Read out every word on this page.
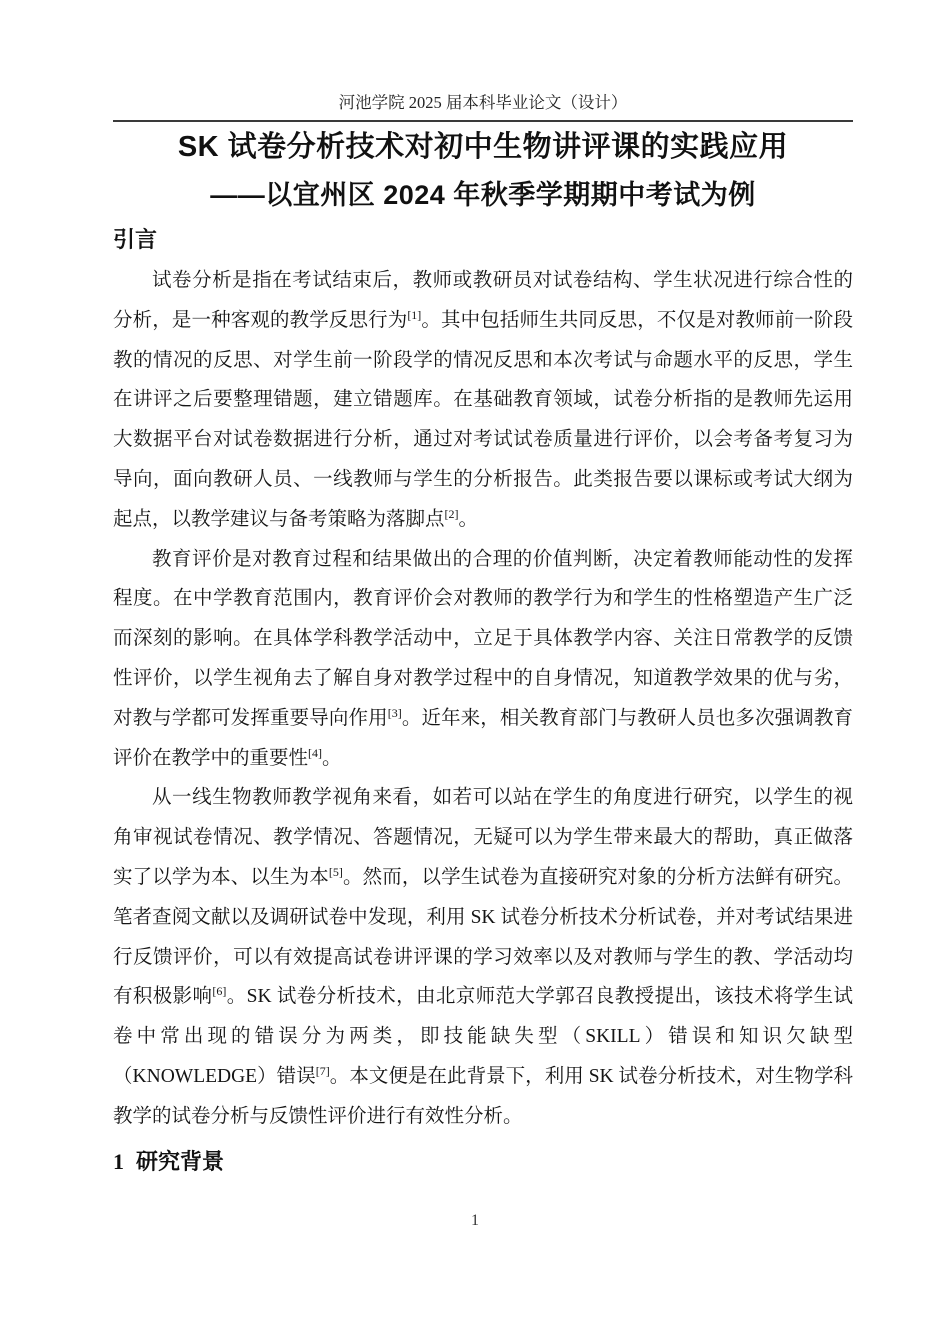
河池学院 2025 届本科毕业论文（设计）
SK 试卷分析技术对初中生物讲评课的实践应用
——以宜州区 2024 年秋季学期期中考试为例
引言

试卷分析是指在考试结束后，教师或教研员对试卷结构、学生状况进行综合性的分析，是一种客观的教学反思行为[1]。其中包括师生共同反思，不仅是对教师前一阶段教的情况的反思、对学生前一阶段学的情况反思和本次考试与命题水平的反思，学生在讲评之后要整理错题，建立错题库。在基础教育领域，试卷分析指的是教师先运用大数据平台对试卷数据进行分析，通过对考试试卷质量进行评价，以会考备考复习为导向，面向教研人员、一线教师与学生的分析报告。此类报告要以课标或考试大纲为起点，以教学建议与备考策略为落脚点[2]。

教育评价是对教育过程和结果做出的合理的价值判断，决定着教师能动性的发挥程度。在中学教育范围内，教育评价会对教师的教学行为和学生的性格塑造产生广泛而深刻的影响。在具体学科教学活动中，立足于具体教学内容、关注日常教学的反馈性评价，以学生视角去了解自身对教学过程中的自身情况，知道教学效果的优与劣，对教与学都可发挥重要导向作用[3]。近年来，相关教育部门与教研人员也多次强调教育评价在教学中的重要性[4]。

从一线生物教师教学视角来看，如若可以站在学生的角度进行研究，以学生的视角审视试卷情况、教学情况、答题情况，无疑可以为学生带来最大的帮助，真正做落实了以学为本、以生为本[5]。然而，以学生试卷为直接研究对象的分析方法鲜有研究。笔者查阅文献以及调研试卷中发现，利用 SK 试卷分析技术分析试卷，并对考试结果进行反馈评价，可以有效提高试卷讲评课的学习效率以及对教师与学生的教、学活动均有积极影响[6]。SK 试卷分析技术，由北京师范大学郭召良教授提出，该技术将学生试卷中常出现的错误分为两类，即技能缺失型（SKILL）错误和知识欠缺型（KNOWLEDGE）错误[7]。本文便是在此背景下，利用 SK 试卷分析技术，对生物学科教学的试卷分析与反馈性评价进行有效性分析。

1 研究背景
1
